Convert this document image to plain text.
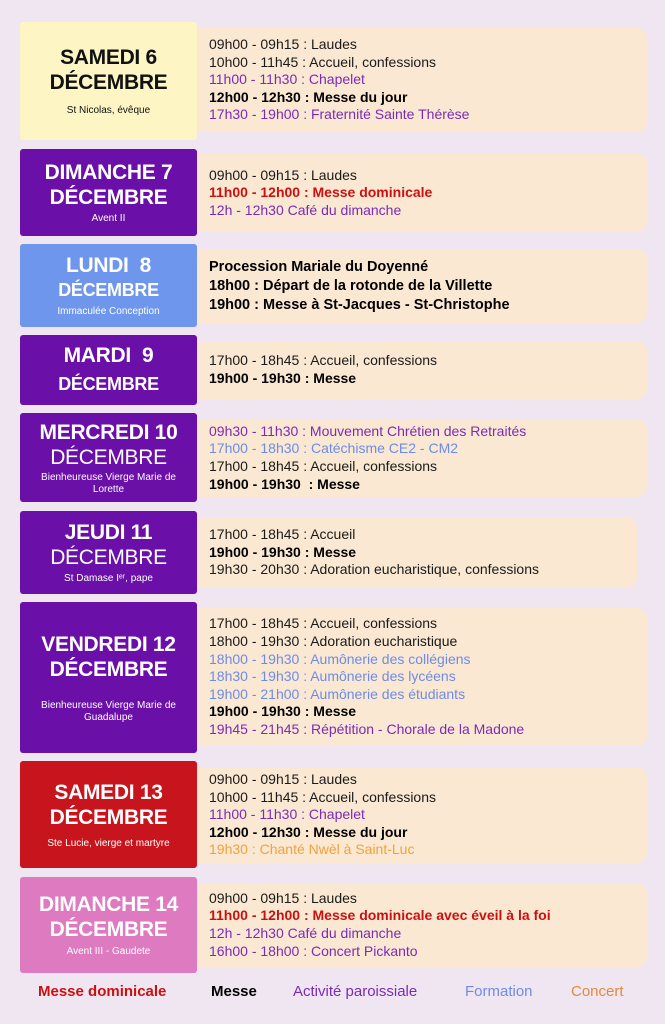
SAMEDI 6
DÉCEMBRE
St Nicolas, évêque
09h00 - 09h15 : Laudes
10h00 - 11h45 : Accueil, confessions
11h00 - 11h30 : Chapelet
12h00 - 12h30 : Messe du jour
17h30 - 19h00 : Fraternité Sainte Thérèse
DIMANCHE 7
DÉCEMBRE
Avent II
09h00 - 09h15 : Laudes
11h00 - 12h00 : Messe dominicale
12h - 12h30 Café du dimanche
LUNDI  8
DÉCEMBRE
Immaculée Conception
Procession Mariale du Doyenné
18h00 : Départ de la rotonde de la Villette
19h00 : Messe à St-Jacques - St-Christophe
MARDI  9
DÉCEMBRE
17h00 - 18h45 : Accueil, confessions
19h00 - 19h30 : Messe
MERCREDI 10
DÉCEMBRE
Bienheureuse Vierge Marie de Lorette
09h30 - 11h30 : Mouvement Chrétien des Retraités
17h00 - 18h30 : Catéchisme CE2 - CM2
17h00 - 18h45 : Accueil, confessions
19h00 - 19h30  : Messe
JEUDI 11
DÉCEMBRE
St Damase Iᵉʳ, pape
17h00 - 18h45 : Accueil
19h00 - 19h30 : Messe
19h30 - 20h30 : Adoration eucharistique, confessions
VENDREDI 12
DÉCEMBRE
Bienheureuse Vierge Marie de Guadalupe
17h00 - 18h45 : Accueil, confessions
18h00 - 19h30 : Adoration eucharistique
18h00 - 19h30 : Aumônerie des collégiens
18h30 - 19h30 : Aumônerie des lycéens
19h00 - 21h00 : Aumônerie des étudiants
19h00 - 19h30 : Messe
19h45 - 21h45 : Répétition - Chorale de la Madone
SAMEDI 13
DÉCEMBRE
Ste Lucie, vierge et martyre
09h00 - 09h15 : Laudes
10h00 - 11h45 : Accueil, confessions
11h00 - 11h30 : Chapelet
12h00 - 12h30 : Messe du jour
19h30 : Chanté Nwèl à Saint-Luc
DIMANCHE 14
DÉCEMBRE
Avent III - Gaudete
09h00 - 09h15 : Laudes
11h00 - 12h00 : Messe dominicale avec éveil à la foi
12h - 12h30 Café du dimanche
16h00 - 18h00 : Concert Pickanto
Messe dominicale	Messe Activité paroissiale	Formation	Concert
